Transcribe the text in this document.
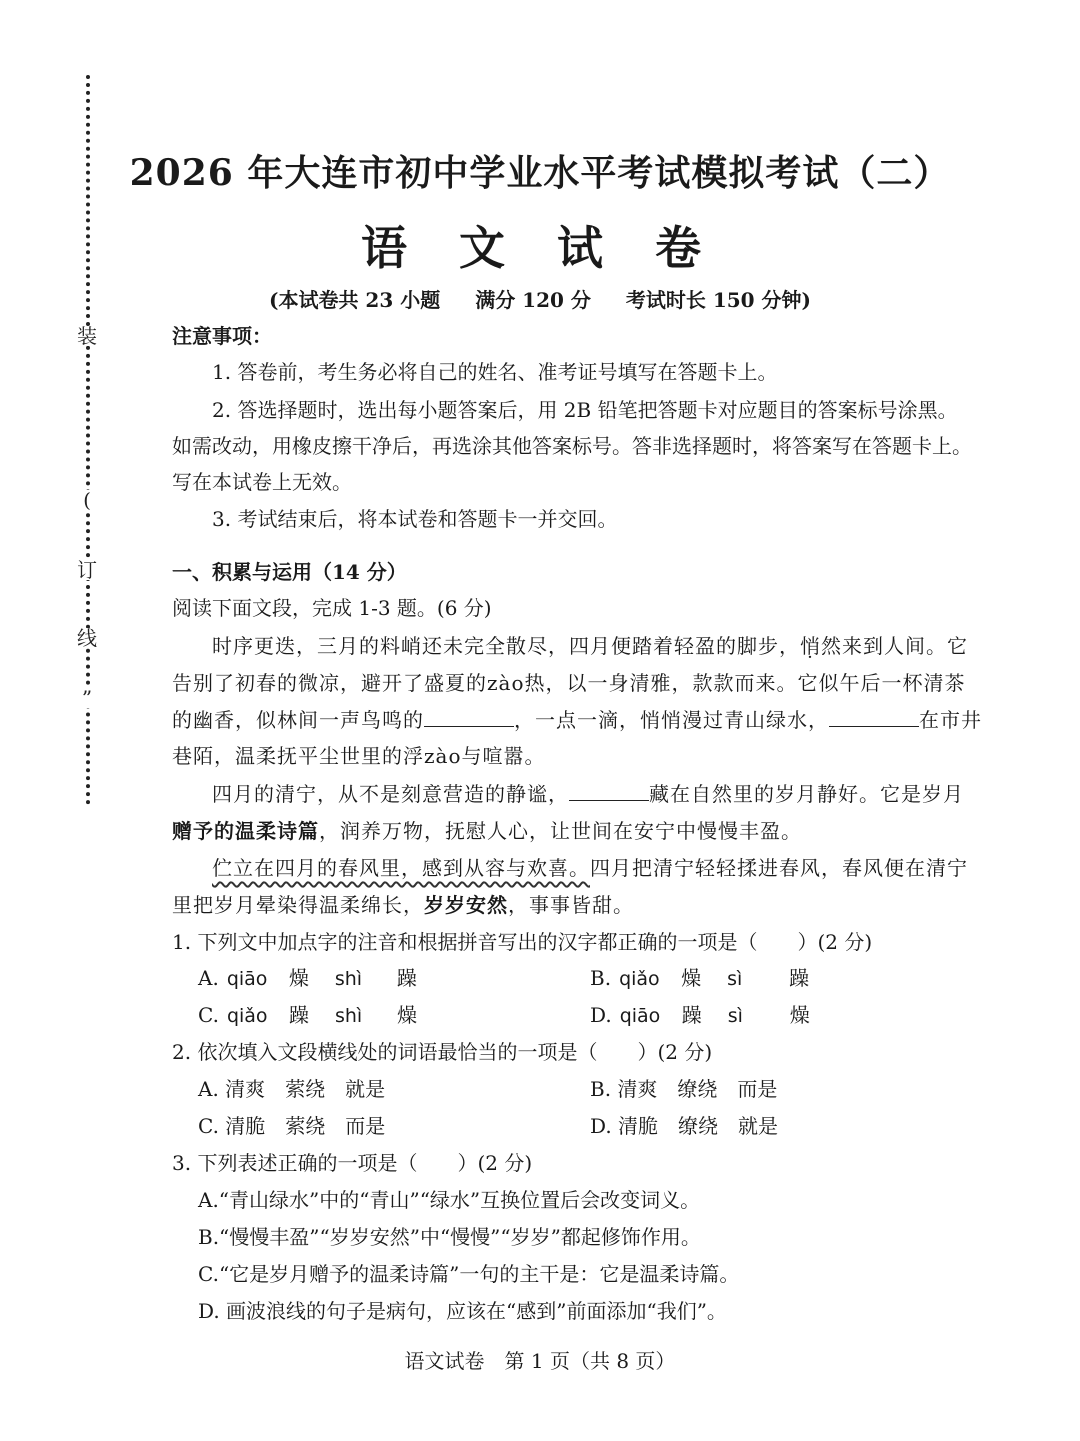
装
(
订
线
”
2026 年大连市初中学业水平考试模拟考试（二）
语 文 试 卷
(本试卷共 23 小题 满分 120 分 考试时长 150 分钟)
注意事项：
1. 答卷前，考生务必将自己的姓名、准考证号填写在答题卡上。
2. 答选择题时，选出每小题答案后，用 2B 铅笔把答题卡对应题目的答案标号涂黑。
如需改动，用橡皮擦干净后，再选涂其他答案标号。答非选择题时，将答案写在答题卡上。
写在本试卷上无效。
3. 考试结束后，将本试卷和答题卡一并交回。
一、积累与运用（14 分）
阅读下面文段，完成 1-3 题。(6 分)
时序更迭，三月的料峭还未完全散尽，四月便踏着轻盈的脚步，悄然来到人间。它
告别了初春的微凉，避开了盛夏的zào热，以一身清雅，款款而来。它似午后一杯清茶
的幽香，似林间一声鸟鸣的	，一点一滴，悄悄漫过青山绿水，	在市井
巷陌，温柔抚平尘世里的浮zào与喧嚣。
四月的清宁，从不是刻意营造的静谧，	藏在自然里的岁月静好。它是岁月
赠予的温柔诗篇，润养万物，抚慰人心，让世间在安宁中慢慢丰盈。
伫立在四月的春风里，感到从容与欢喜。四月把清宁轻轻揉进春风，春风便在清宁
里把岁月晕染得温柔绵长，岁岁安然，事事皆甜。
1. 下列文中加点字的注音和根据拼音写出的汉字都正确的一项是（　　）(2 分)
A. qiāo 燥 shì 躁	B. qiǎo 燥 sì 躁
C. qiǎo 躁 shì 燥	D. qiāo 躁 sì 燥
2. 依次填入文段横线处的词语最恰当的一项是（　　）(2 分)
A. 清爽　萦绕　就是	B. 清爽　缭绕　而是
C. 清脆　萦绕　而是	D. 清脆　缭绕　就是
3. 下列表述正确的一项是（　　）(2 分)
A.“青山绿水”中的“青山”“绿水”互换位置后会改变词义。
B.“慢慢丰盈”“岁岁安然”中“慢慢”“岁岁”都起修饰作用。
C.“它是岁月赠予的温柔诗篇”一句的主干是：它是温柔诗篇。
D. 画波浪线的句子是病句，应该在“感到”前面添加“我们”。
语文试卷　第 1 页（共 8 页）
